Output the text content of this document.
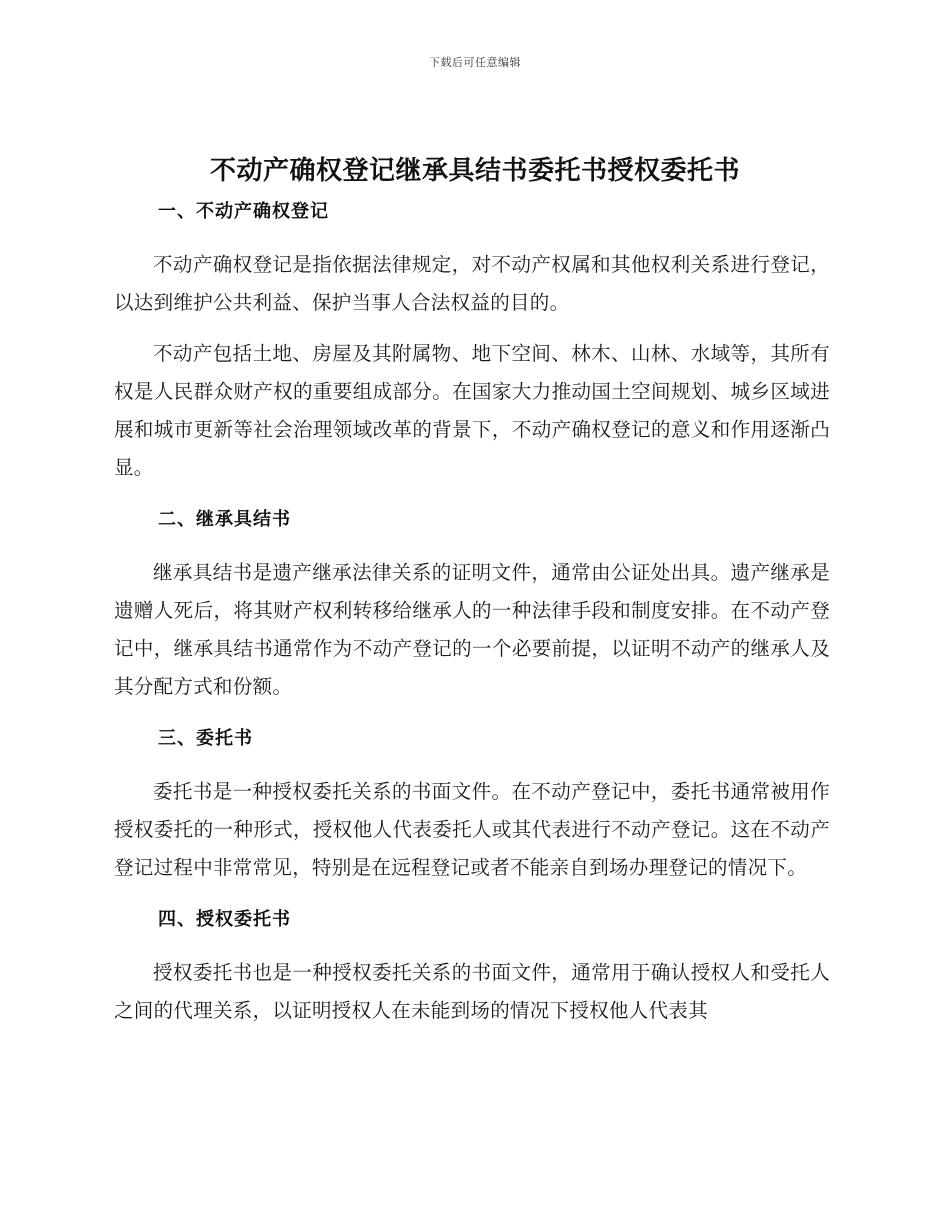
下载后可任意编辑
不动产确权登记继承具结书委托书授权委托书
一、不动产确权登记

不动产确权登记是指依据法律规定，对不动产权属和其他权利关系进行登记，以达到维护公共利益、保护当事人合法权益的目的。

不动产包括土地、房屋及其附属物、地下空间、林木、山林、水域等，其所有权是人民群众财产权的重要组成部分。在国家大力推动国土空间规划、城乡区域进展和城市更新等社会治理领域改革的背景下，不动产确权登记的意义和作用逐渐凸显。

二、继承具结书

继承具结书是遗产继承法律关系的证明文件，通常由公证处出具。遗产继承是遗赠人死后，将其财产权利转移给继承人的一种法律手段和制度安排。在不动产登记中，继承具结书通常作为不动产登记的一个必要前提，以证明不动产的继承人及其分配方式和份额。

三、委托书

委托书是一种授权委托关系的书面文件。在不动产登记中，委托书通常被用作授权委托的一种形式，授权他人代表委托人或其代表进行不动产登记。这在不动产登记过程中非常常见，特别是在远程登记或者不能亲自到场办理登记的情况下。

四、授权委托书

授权委托书也是一种授权委托关系的书面文件，通常用于确认授权人和受托人之间的代理关系，以证明授权人在未能到场的情况下授权他人代表其
